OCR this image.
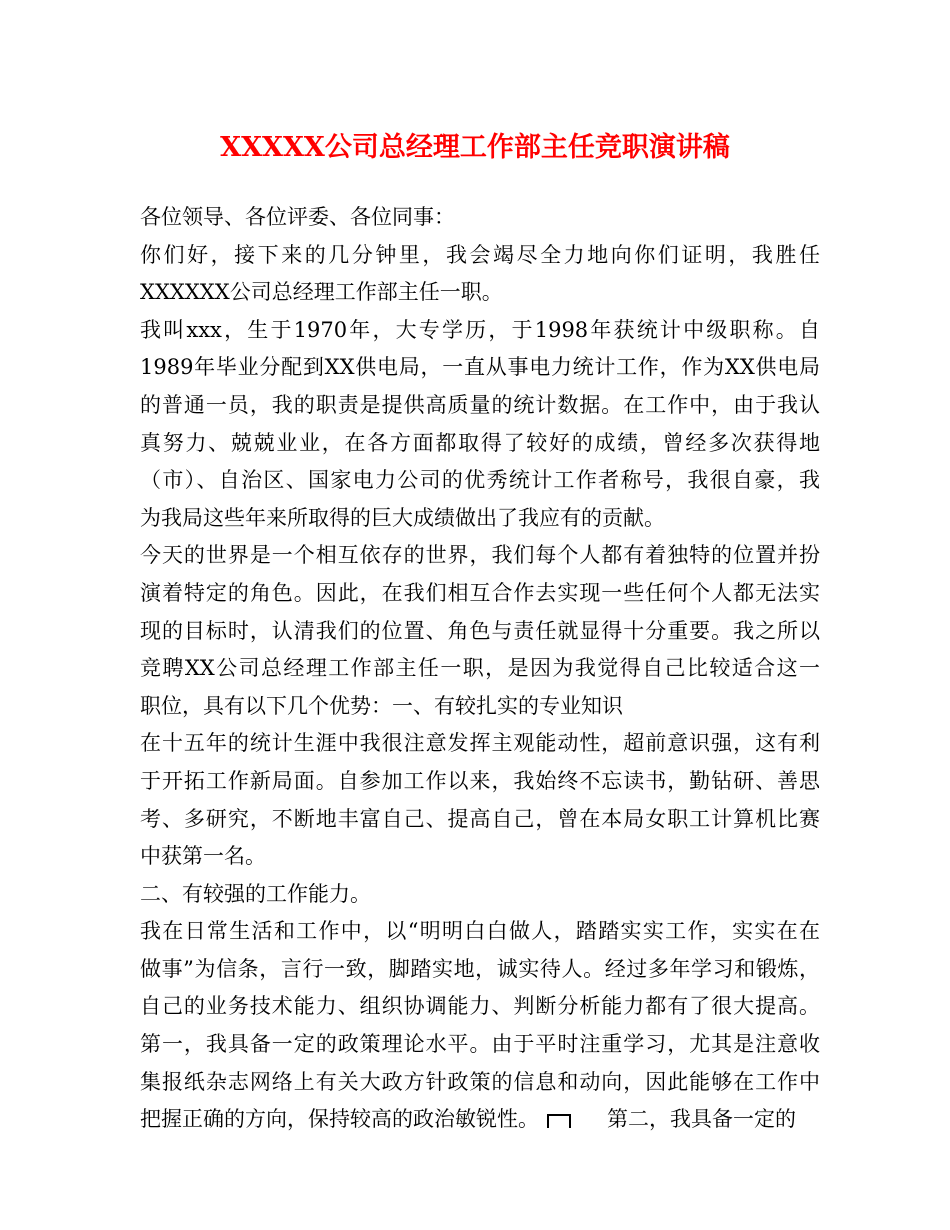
XXXXX公司总经理工作部主任竞职演讲稿
各位领导、各位评委、各位同事：
你们好，接下来的几分钟里，我会竭尽全力地向你们证明，我胜任
XXXXXX公司总经理工作部主任一职。
我叫xxx，生于1970年，大专学历，于1998年获统计中级职称。自
1989年毕业分配到XX供电局，一直从事电力统计工作，作为XX供电局
的普通一员，我的职责是提供高质量的统计数据。在工作中，由于我认
真努力、兢兢业业，在各方面都取得了较好的成绩，曾经多次获得地
（市）、自治区、国家电力公司的优秀统计工作者称号，我很自豪，我
为我局这些年来所取得的巨大成绩做出了我应有的贡献。
今天的世界是一个相互依存的世界，我们每个人都有着独特的位置并扮
演着特定的角色。因此，在我们相互合作去实现一些任何个人都无法实
现的目标时，认清我们的位置、角色与责任就显得十分重要。我之所以
竞聘XX公司总经理工作部主任一职，是因为我觉得自己比较适合这一
职位，具有以下几个优势：一、有较扎实的专业知识
在十五年的统计生涯中我很注意发挥主观能动性，超前意识强，这有利
于开拓工作新局面。自参加工作以来，我始终不忘读书，勤钻研、善思
考、多研究，不断地丰富自己、提高自己，曾在本局女职工计算机比赛
中获第一名。
二、有较强的工作能力。
我在日常生活和工作中，以“明明白白做人，踏踏实实工作，实实在在
做事”为信条，言行一致，脚踏实地，诚实待人。经过多年学习和锻炼，
自己的业务技术能力、组织协调能力、判断分析能力都有了很大提高。
第一，我具备一定的政策理论水平。由于平时注重学习，尤其是注意收
集报纸杂志网络上有关大政方针政策的信息和动向，因此能够在工作中
把握正确的方向，保持较高的政治敏锐性。	第二，我具备一定的
